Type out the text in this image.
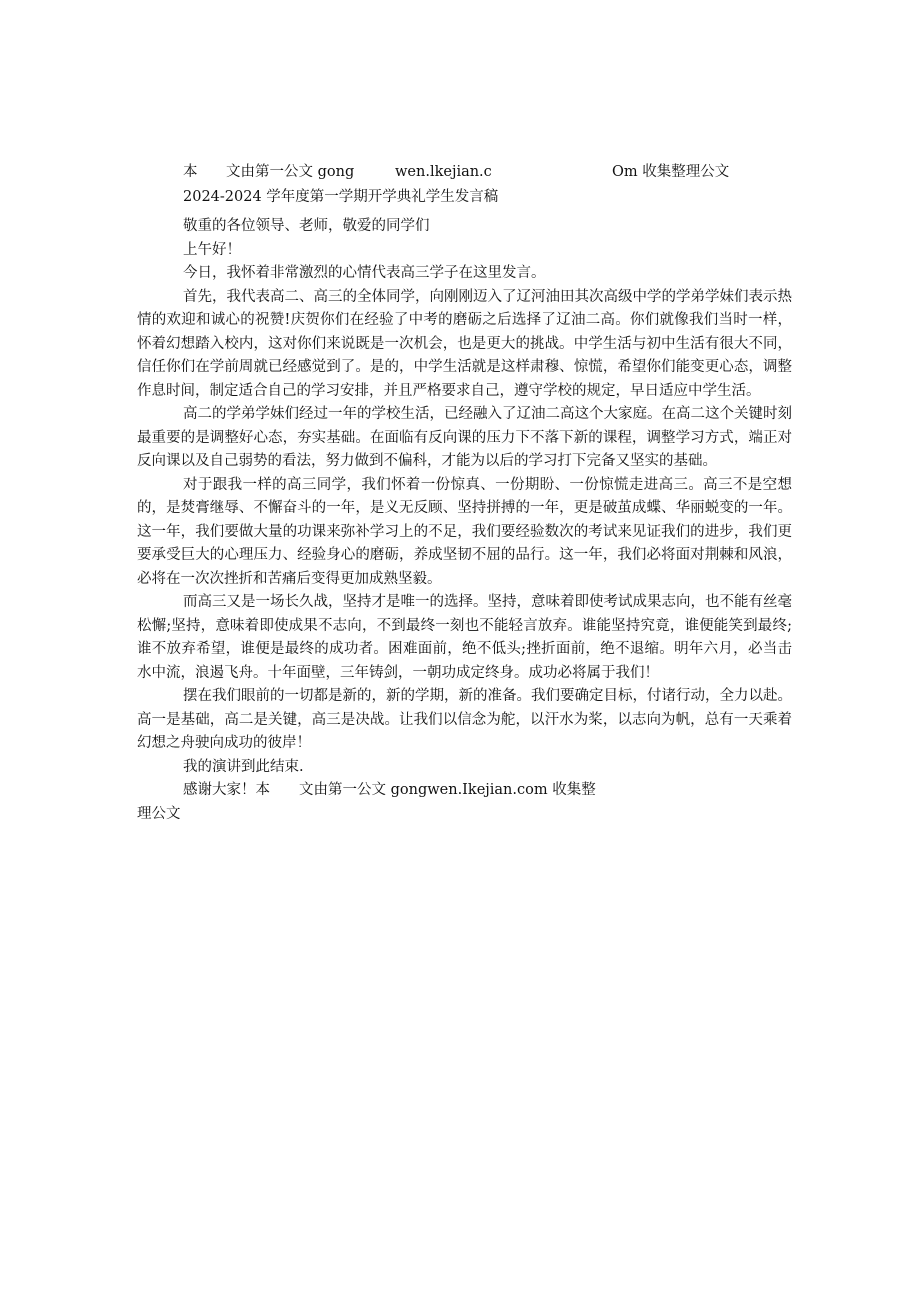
本 文由第一公文 gong	wen.lkejian.c	Om 收集整理公文
2024-2024 学年度第一学期开学典礼学生发言稿

敬重的各位领导、老师，敬爱的同学们

上午好！

今日，我怀着非常激烈的心情代表高三学子在这里发言。

首先，我代表高二、高三的全体同学，向刚刚迈入了辽河油田其次高级中学的学弟学妹们表示热情的欢迎和诚心的祝赞!庆贺你们在经验了中考的磨砺之后选择了辽油二高。你们就像我们当时一样，怀着幻想踏入校内，这对你们来说既是一次机会，也是更大的挑战。中学生活与初中生活有很大不同，信任你们在学前周就已经感觉到了。是的，中学生活就是这样肃穆、惊慌，希望你们能变更心态，调整作息时间，制定适合自己的学习安排，并且严格要求自己，遵守学校的规定，早日适应中学生活。

高二的学弟学妹们经过一年的学校生活，已经融入了辽油二高这个大家庭。在高二这个关键时刻最重要的是调整好心态，夯实基础。在面临有反向课的压力下不落下新的课程，调整学习方式，端正对反向课以及自己弱势的看法，努力做到不偏科，才能为以后的学习打下完备又坚实的基础。

对于跟我一样的高三同学，我们怀着一份惊真、一份期盼、一份惊慌走进高三。高三不是空想的，是焚膏继辱、不懈奋斗的一年，是义无反顾、坚持拼搏的一年，更是破茧成蝶、华丽蜕变的一年。这一年，我们要做大量的功课来弥补学习上的不足，我们要经验数次的考试来见证我们的进步，我们更要承受巨大的心理压力、经验身心的磨砺，养成坚韧不屈的品行。这一年，我们必将面对荆棘和风浪，必将在一次次挫折和苦痛后变得更加成熟坚毅。

而高三又是一场长久战，坚持才是唯一的选择。坚持，意味着即使考试成果志向，也不能有丝毫松懈;坚持，意味着即使成果不志向，不到最终一刻也不能轻言放弃。谁能坚持究竟，谁便能笑到最终;谁不放弃希望，谁便是最终的成功者。困难面前，绝不低头;挫折面前，绝不退缩。明年六月，必当击水中流，浪遏飞舟。十年面壁，三年铸剑，一朝功成定终身。成功必将属于我们！

摆在我们眼前的一切都是新的，新的学期，新的准备。我们要确定目标，付诸行动，全力以赴。高一是基础，高二是关键，高三是决战。让我们以信念为舵，以汗水为桨，以志向为帆，总有一天乘着幻想之舟驶向成功的彼岸！

我的演讲到此结束.

感谢大家！本　　文由第一公文 gongwen.Ikejian.com 收集整

理公文
